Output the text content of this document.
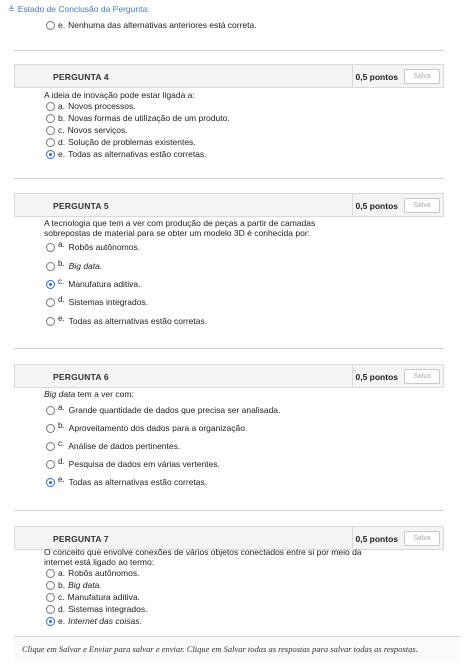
≚ Estado de Conclusão da Pergunta:
e. Nenhuma das alternativas anteriores está correta.
PERGUNTA 4	0,5 pontos	Salva
A ideia de inovação pode estar ligada a:
a. Novos processos.
b. Novas formas de utilização de um produto.
c. Novos serviços.
d. Solução de problemas existentes.
e. Todas as alternativas estão corretas.
PERGUNTA 5	0,5 pontos	Salva
A tecnologia que tem a ver com produção de peças a partir de camadas
sobrepostas de material para se obter um modelo 3D é conhecida por:
a. Robôs autônomos.
b. Big data.
c. Manufatura aditiva.
d. Sistemas integrados.
e. Todas as alternativas estão corretas.
PERGUNTA 6	0,5 pontos	Salva
Big data tem a ver com:
a. Grande quantidade de dados que precisa ser analisada.
b. Aproveitamento dos dados para a organização.
c. Análise de dados pertinentes.
d. Pesquisa de dados em várias vertentes.
e. Todas as alternativas estão corretas.
PERGUNTA 7	0,5 pontos	Salva
O conceito que envolve conexões de vários objetos conectados entre si por meio da
internet está ligado ao termo:
a. Robôs autônomos.
b. Big data.
c. Manufatura aditiva.
d. Sistemas integrados.
e. Internet das coisas.
Clique em Salvar e Enviar para salvar e enviar. Clique em Salvar todas as respostas para salvar todas as respostas.
